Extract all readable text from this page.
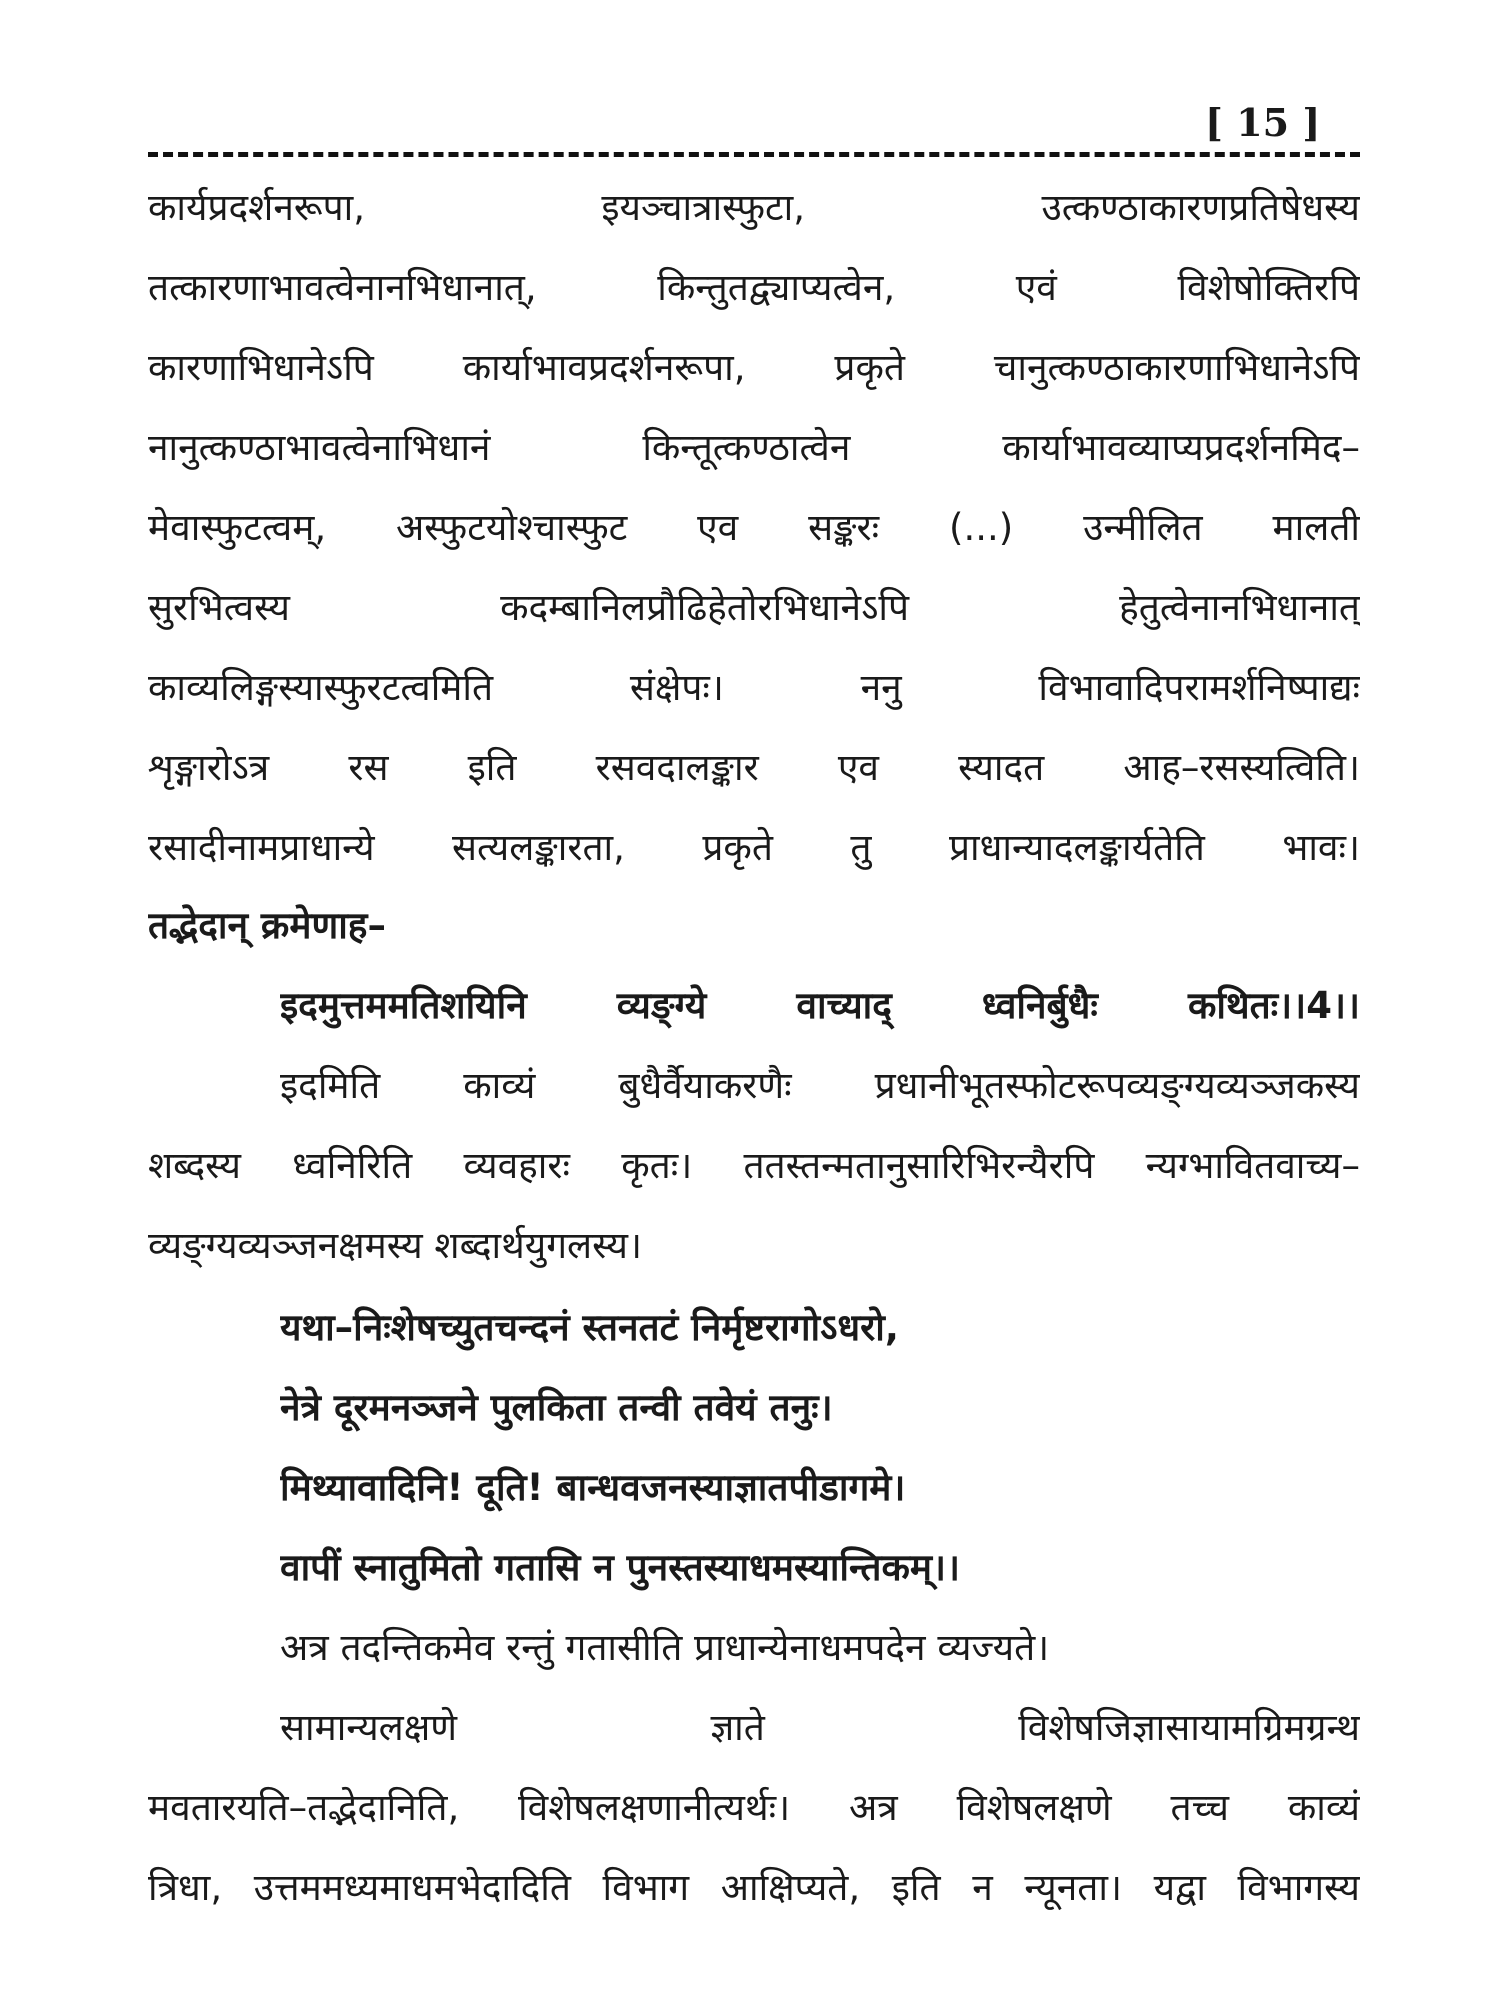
[ 15 ]
कार्यप्रदर्शनरूपा, इयञ्चात्रास्फुटा, उत्कण्ठाकारणप्रतिषेधस्य
तत्कारणाभावत्वेनानभिधानात्, किन्तुतद्व्याप्यत्वेन, एवं विशेषोक्तिरपि
कारणाभिधानेऽपि कार्याभावप्रदर्शनरूपा, प्रकृते चानुत्कण्ठाकारणाभिधानेऽपि
नानुत्कण्ठाभावत्वेनाभिधानं किन्तूत्कण्ठात्वेन कार्याभावव्याप्यप्रदर्शनमिद–
मेवास्फुटत्वम्, अस्फुटयोश्चास्फुट एव सङ्करः (...) उन्मीलित मालती
सुरभित्वस्य कदम्बानिलप्रौढिहेतोरभिधानेऽपि हेतुत्वेनानभिधानात्
काव्यलिङ्गस्यास्फुरटत्वमिति संक्षेपः। ननु विभावादिपरामर्शनिष्पाद्यः
शृङ्गारोऽत्र रस इति रसवदालङ्कार एव स्यादत आह–रसस्यत्विति।
रसादीनामप्राधान्ये सत्यलङ्कारता, प्रकृते तु प्राधान्यादलङ्कार्यतेति भावः।
तद्भेदान् क्रमेणाह–
इदमुत्तममतिशयिनि व्यङ्ग्ये वाच्याद् ध्वनिर्बुधैः कथितः।।4।।
इदमिति काव्यं बुधैर्वैयाकरणैः प्रधानीभूतस्फोटरूपव्यङ्ग्यव्यञ्जकस्य
शब्दस्य ध्वनिरिति व्यवहारः कृतः। ततस्तन्मतानुसारिभिरन्यैरपि न्यग्भावितवाच्य–
व्यङ्ग्यव्यञ्जनक्षमस्य शब्दार्थयुगलस्य।
यथा–निःशेषच्युतचन्दनं स्तनतटं निर्मृष्टरागोऽधरो,
नेत्रे दूरमनञ्जने पुलकिता तन्वी तवेयं तनुः।
मिथ्यावादिनि! दूति! बान्धवजनस्याज्ञातपीडागमे।
वापीं स्नातुमितो गतासि न पुनस्तस्याधमस्यान्तिकम्।।
अत्र तदन्तिकमेव रन्तुं गतासीति प्राधान्येनाधमपदेन व्यज्यते।
सामान्यलक्षणे ज्ञाते विशेषजिज्ञासायामग्रिमग्रन्थ
मवतारयति–तद्भेदानिति, विशेषलक्षणानीत्यर्थः। अत्र विशेषलक्षणे तच्च काव्यं
त्रिधा, उत्तममध्यमाधमभेदादिति विभाग आक्षिप्यते, इति न न्यूनता। यद्वा विभागस्य
